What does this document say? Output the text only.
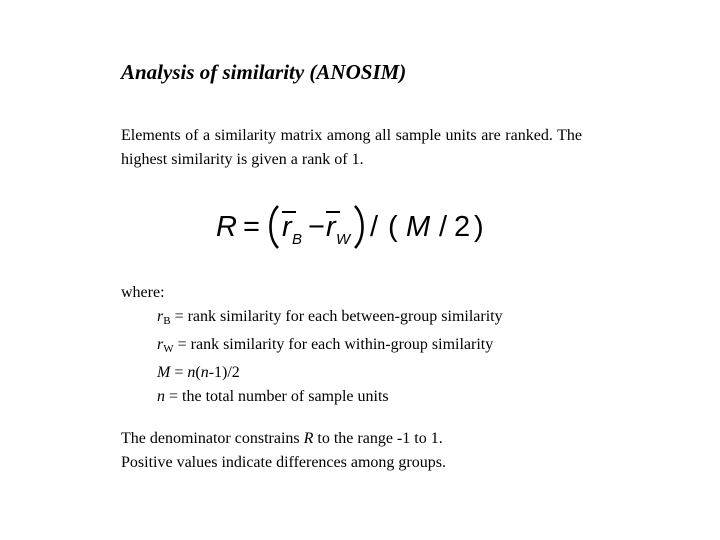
Analysis of similarity (ANOSIM)
Elements of a similarity matrix among all sample units are ranked. The highest similarity is given a rank of 1.
R = r B − r W / ( M / 2 )
where:
$r_B$ = rank similarity for each between-group similarity
$r_W$ = rank similarity for each within-group similarity
M = n(n-1)/2
n = the total number of sample units
The denominator constrains R to the range -1 to 1.
Positive values indicate differences among groups.
